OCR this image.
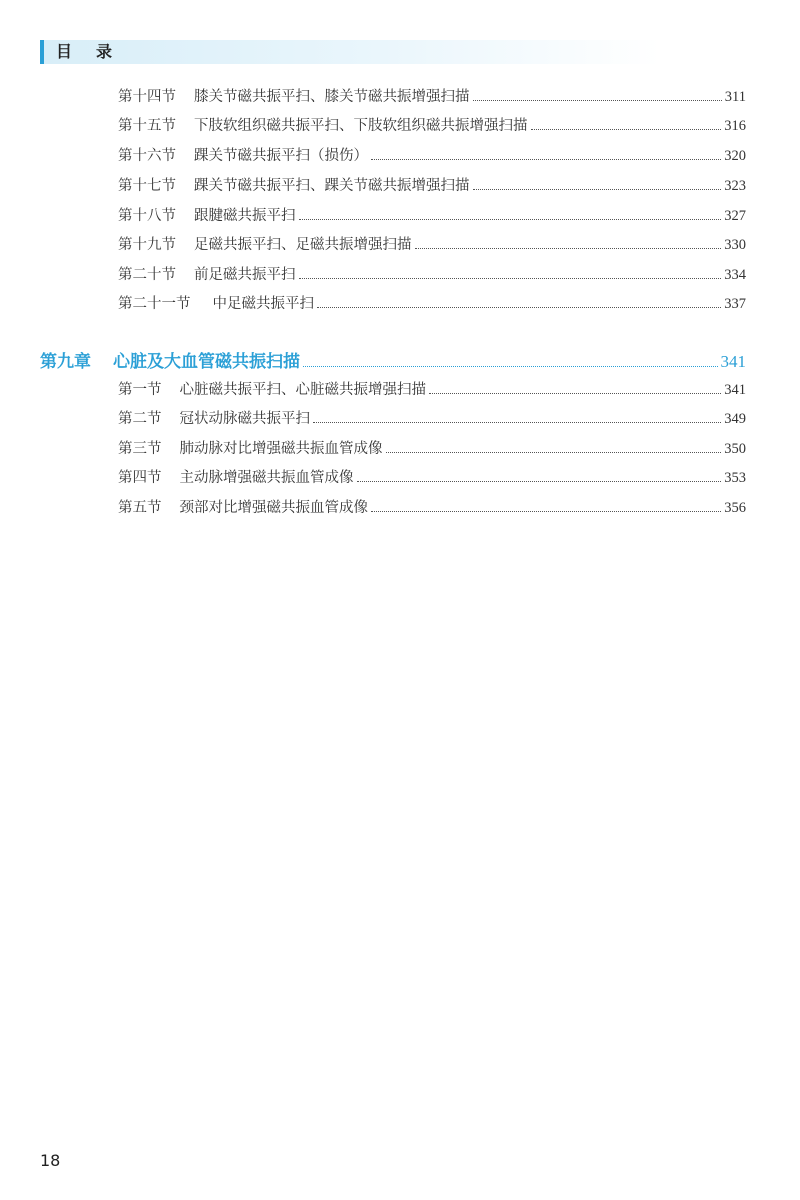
目录
第十四节 膝关节磁共振平扫、膝关节磁共振增强扫描	311
第十五节 下肢软组织磁共振平扫、下肢软组织磁共振增强扫描	316
第十六节 踝关节磁共振平扫（损伤）	320
第十七节 踝关节磁共振平扫、踝关节磁共振增强扫描	323
第十八节 跟腱磁共振平扫	327
第十九节 足磁共振平扫、足磁共振增强扫描	330
第二十节 前足磁共振平扫	334
第二十一节 中足磁共振平扫	337
第九章 心脏及大血管磁共振扫描	341
第一节 心脏磁共振平扫、心脏磁共振增强扫描	341
第二节 冠状动脉磁共振平扫	349
第三节 肺动脉对比增强磁共振血管成像	350
第四节 主动脉增强磁共振血管成像	353
第五节 颈部对比增强磁共振血管成像	356
18
